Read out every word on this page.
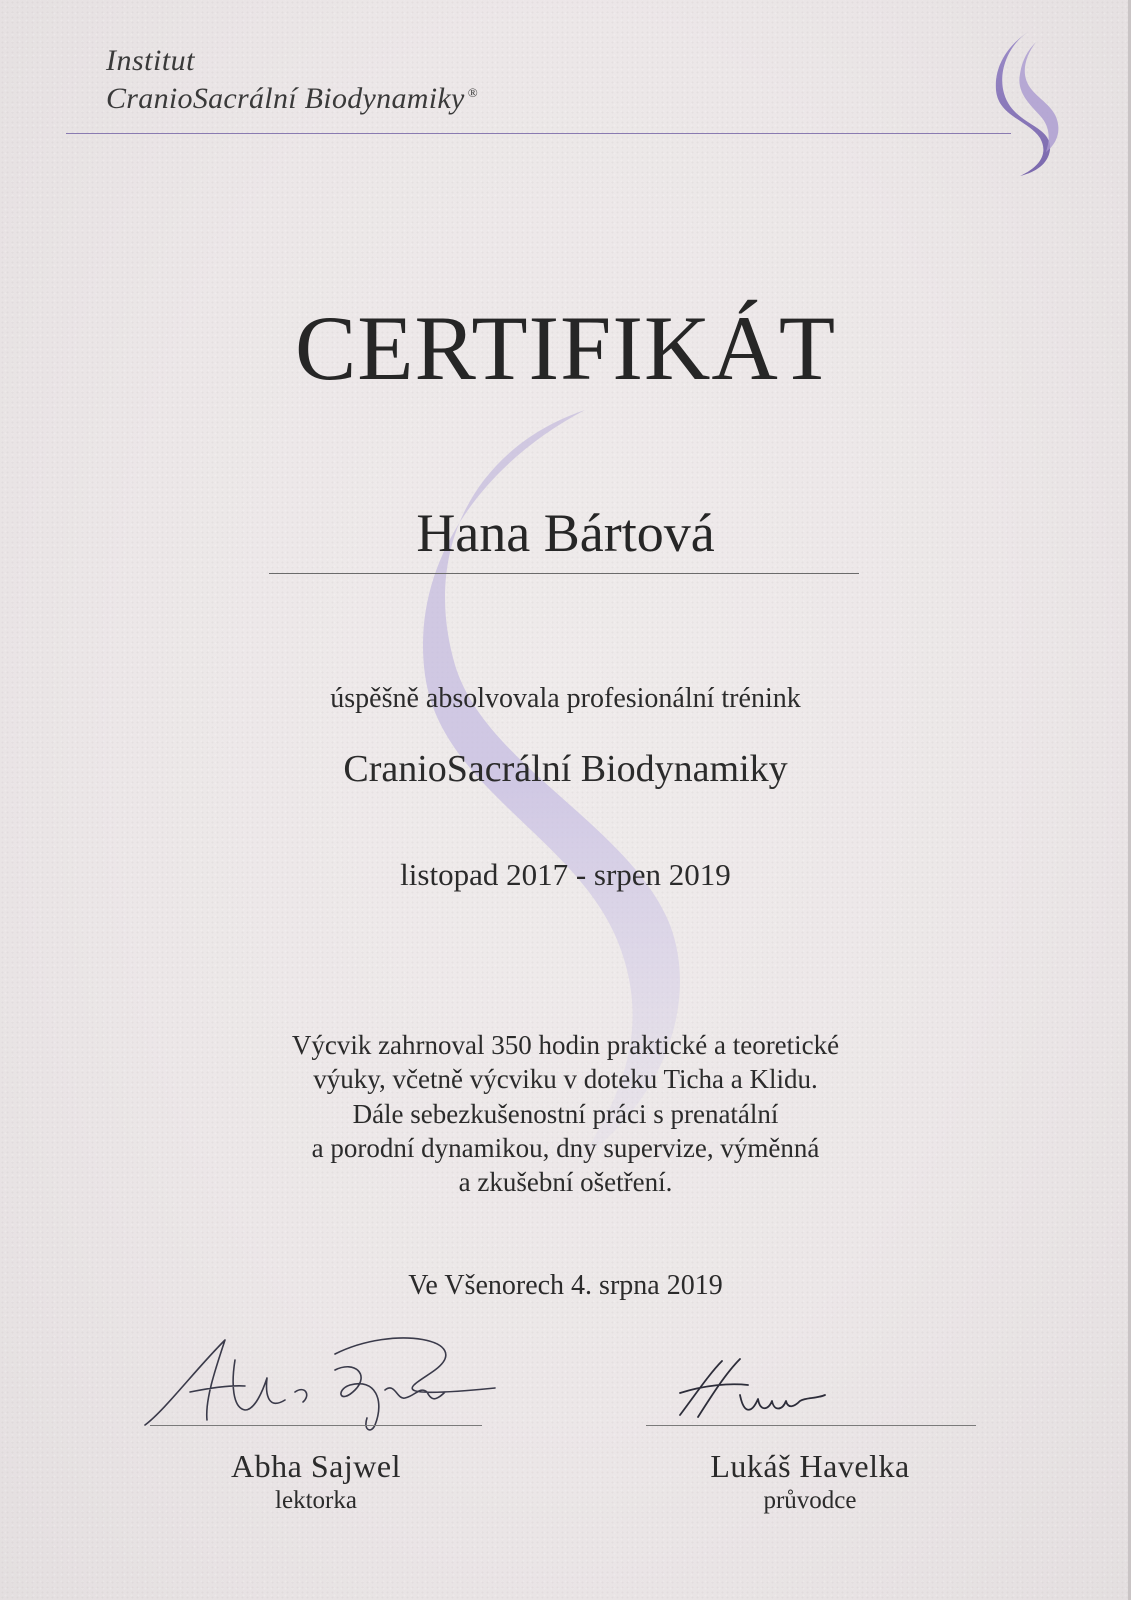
Institut
CranioSacrální Biodynamiky ®
CERTIFIKÁT
Hana Bártová
úspěšně absolvovala profesionální trénink
CranioSacrální Biodynamiky
listopad 2017 - srpen 2019
Výcvik zahrnoval 350 hodin praktické a teoretické
výuky, včetně výcviku v doteku Ticha a Klidu.
Dále sebezkušenostní práci s prenatální
a porodní dynamikou, dny supervize, výměnná
a zkušební ošetření.
Ve Všenorech 4. srpna 2019
Abha Sajwel
lektorka
Lukáš Havelka
průvodce
